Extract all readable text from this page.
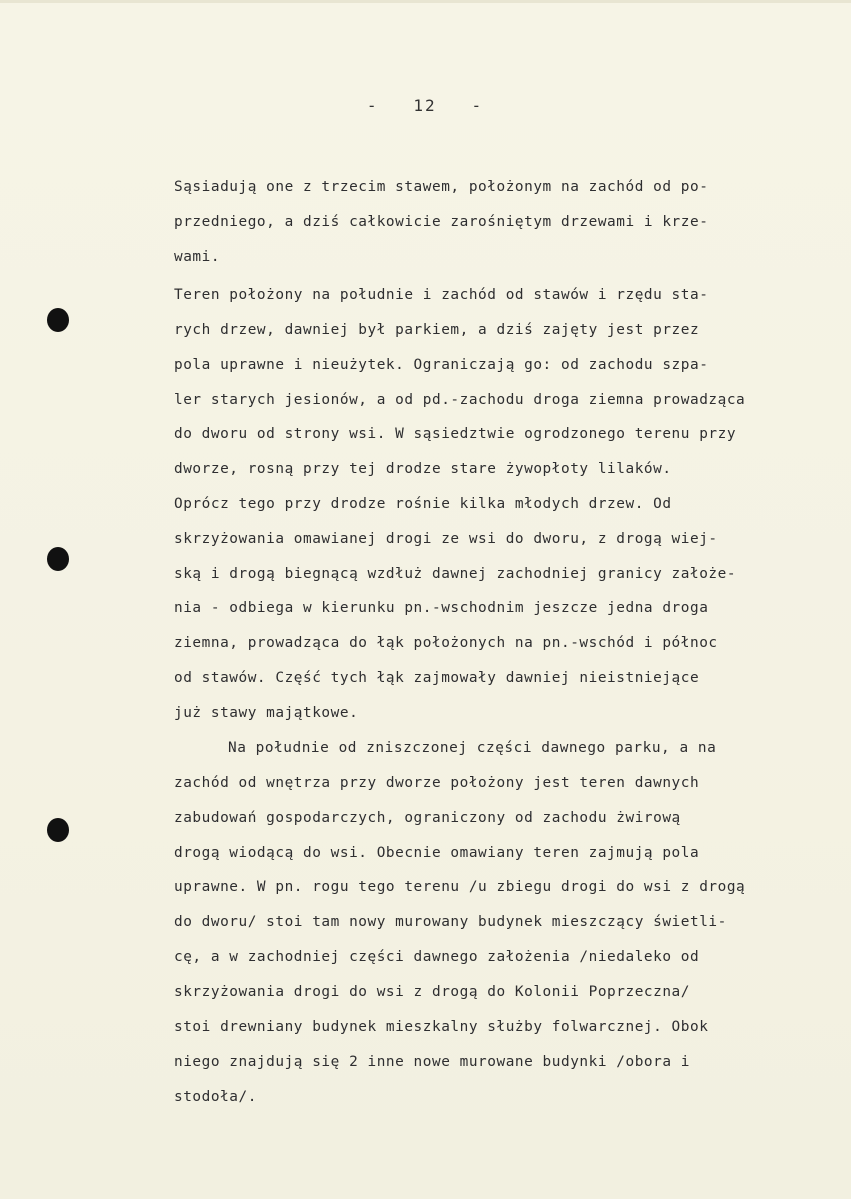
-   12   -
Sąsiadują one z trzecim stawem, położonym na zachód od po-
przedniego, a dziś całkowicie zarośniętym drzewami i krze-
wami.
Teren położony na południe i zachód od stawów i rzędu sta-
rych drzew, dawniej był parkiem, a dziś zajęty jest przez
pola uprawne i nieużytek. Ograniczają go: od zachodu szpa-
ler starych jesionów, a od pd.-zachodu droga ziemna prowadząca
do dworu od strony wsi. W sąsiedztwie ogrodzonego terenu przy
dworze, rosną przy tej drodze stare żywopłoty lilaków.
Oprócz tego przy drodze rośnie kilka młodych drzew. Od
skrzyżowania omawianej drogi ze wsi do dworu, z drogą wiej-
ską i drogą biegnącą wzdłuż dawnej zachodniej granicy założe-
nia - odbiega w kierunku pn.-wschodnim jeszcze jedna droga
ziemna, prowadząca do łąk położonych na pn.-wschód i północ
od stawów. Część tych łąk zajmowały dawniej nieistniejące
już stawy majątkowe.
Na południe od zniszczonej części dawnego parku, a na
zachód od wnętrza przy dworze położony jest teren dawnych
zabudowań gospodarczych, ograniczony od zachodu żwirową
drogą wiodącą do wsi. Obecnie omawiany teren zajmują pola
uprawne. W pn. rogu tego terenu /u zbiegu drogi do wsi z drogą
do dworu/ stoi tam nowy murowany budynek mieszczący świetli-
cę, a w zachodniej części dawnego założenia /niedaleko od
skrzyżowania drogi do wsi z drogą do Kolonii Poprzeczna/
stoi drewniany budynek mieszkalny służby folwarcznej. Obok
niego znajdują się 2 inne nowe murowane budynki /obora i
stodoła/.
